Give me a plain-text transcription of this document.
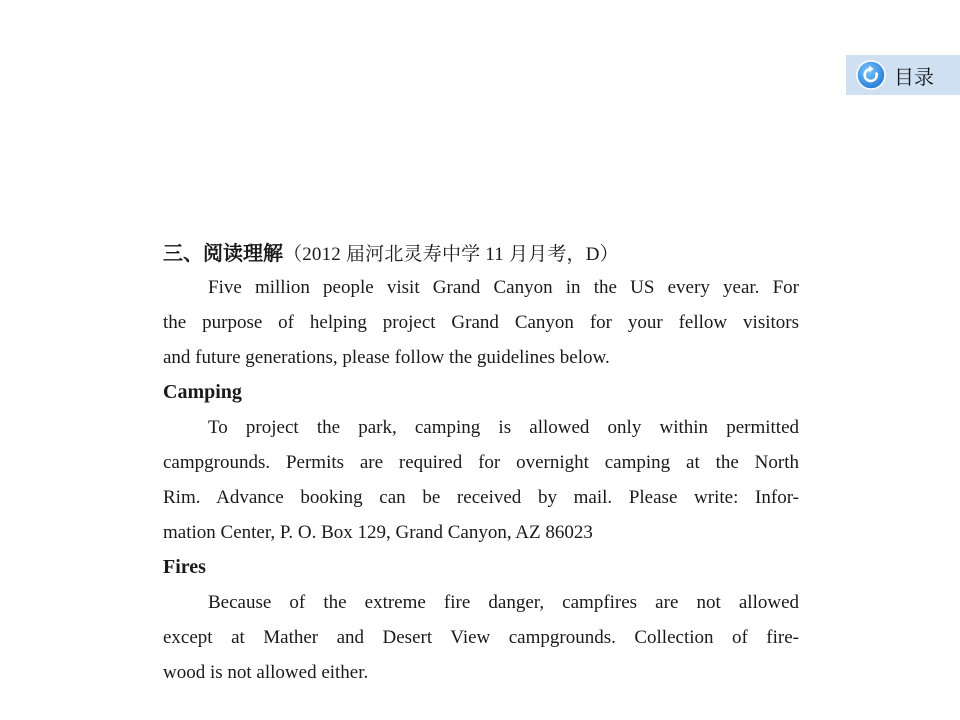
目录
三、阅读理解（2012 届河北灵寿中学 11 月月考，D）
Five million people visit Grand Canyon in the US every year. For
the purpose of helping project Grand Canyon for your fellow visitors
and future generations, please follow the guidelines below.
Camping
To project the park, camping is allowed only within permitted
campgrounds. Permits are required for overnight camping at the North
Rim. Advance booking can be received by mail. Please write: Infor-
mation Center, P. O. Box 129, Grand Canyon, AZ 86023
Fires
Because of the extreme fire danger, campfires are not allowed
except at Mather and Desert View campgrounds. Collection of fire-
wood is not allowed either.
